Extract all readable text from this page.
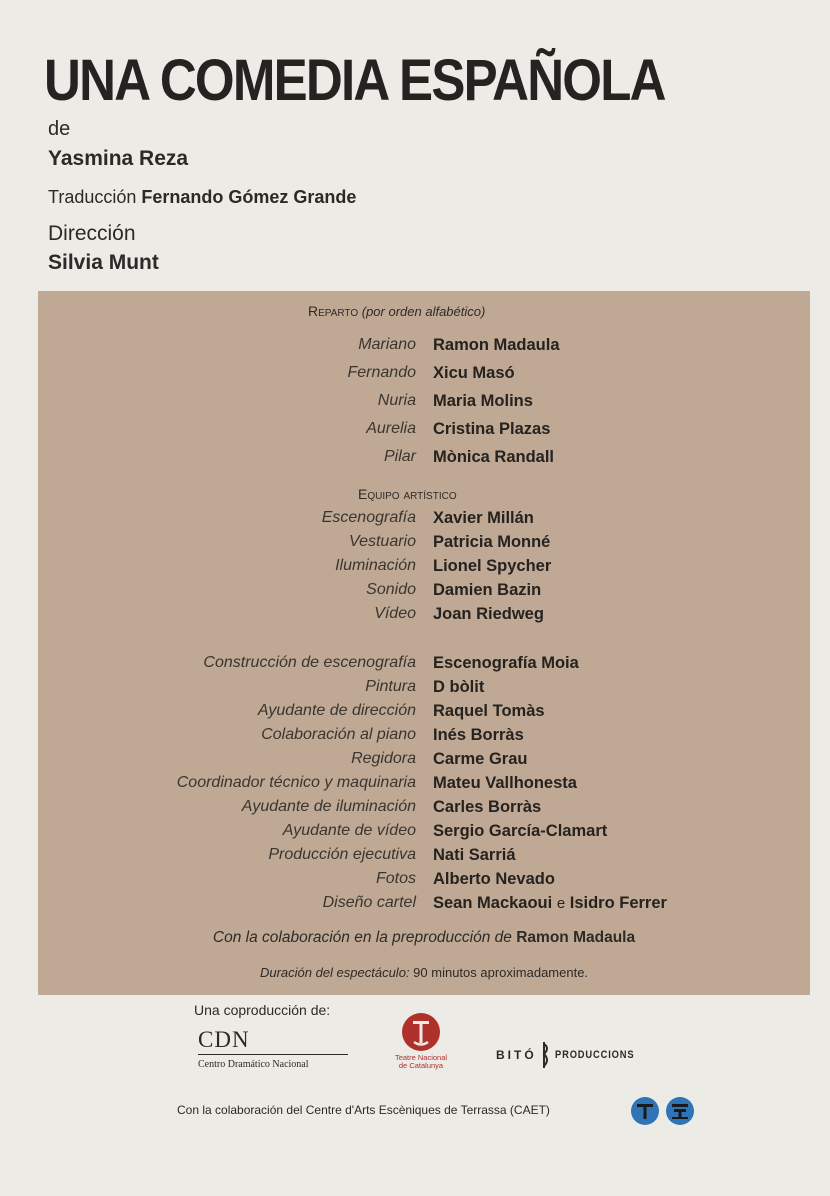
UNA COMEDIA ESPAÑOLA
de
Yasmina Reza
Traducción Fernando Gómez Grande
Dirección
Silvia Munt
Reparto (por orden alfabético)
Mariano Ramon Madaula
Fernando Xicu Masó
Nuria Maria Molins
Aurelia Cristina Plazas
Pilar Mònica Randall
Equipo artístico
Escenografía Xavier Millán
Vestuario Patricia Monné
Iluminación Lionel Spycher
Sonido Damien Bazin
Vídeo Joan Riedweg
Construcción de escenografía Escenografía Moia
Pintura D bòlit
Ayudante de dirección Raquel Tomàs
Colaboración al piano Inés Borràs
Regidora Carme Grau
Coordinador técnico y maquinaria Mateu Vallhonesta
Ayudante de iluminación Carles Borràs
Ayudante de vídeo Sergio García-Clamart
Producción ejecutiva Nati Sarriá
Fotos Alberto Nevado
Diseño cartel Sean Mackaoui e Isidro Ferrer
Con la colaboración en la preproducción de Ramon Madaula
Duración del espectáculo: 90 minutos aproximadamente.
Una coproducción de:
CDN
Centro Dramático Nacional
Teatre Nacional
de Catalunya
BITÓ PRODUCCIONS
Con la colaboración del Centre d'Arts Escèniques de Terrassa (CAET)
